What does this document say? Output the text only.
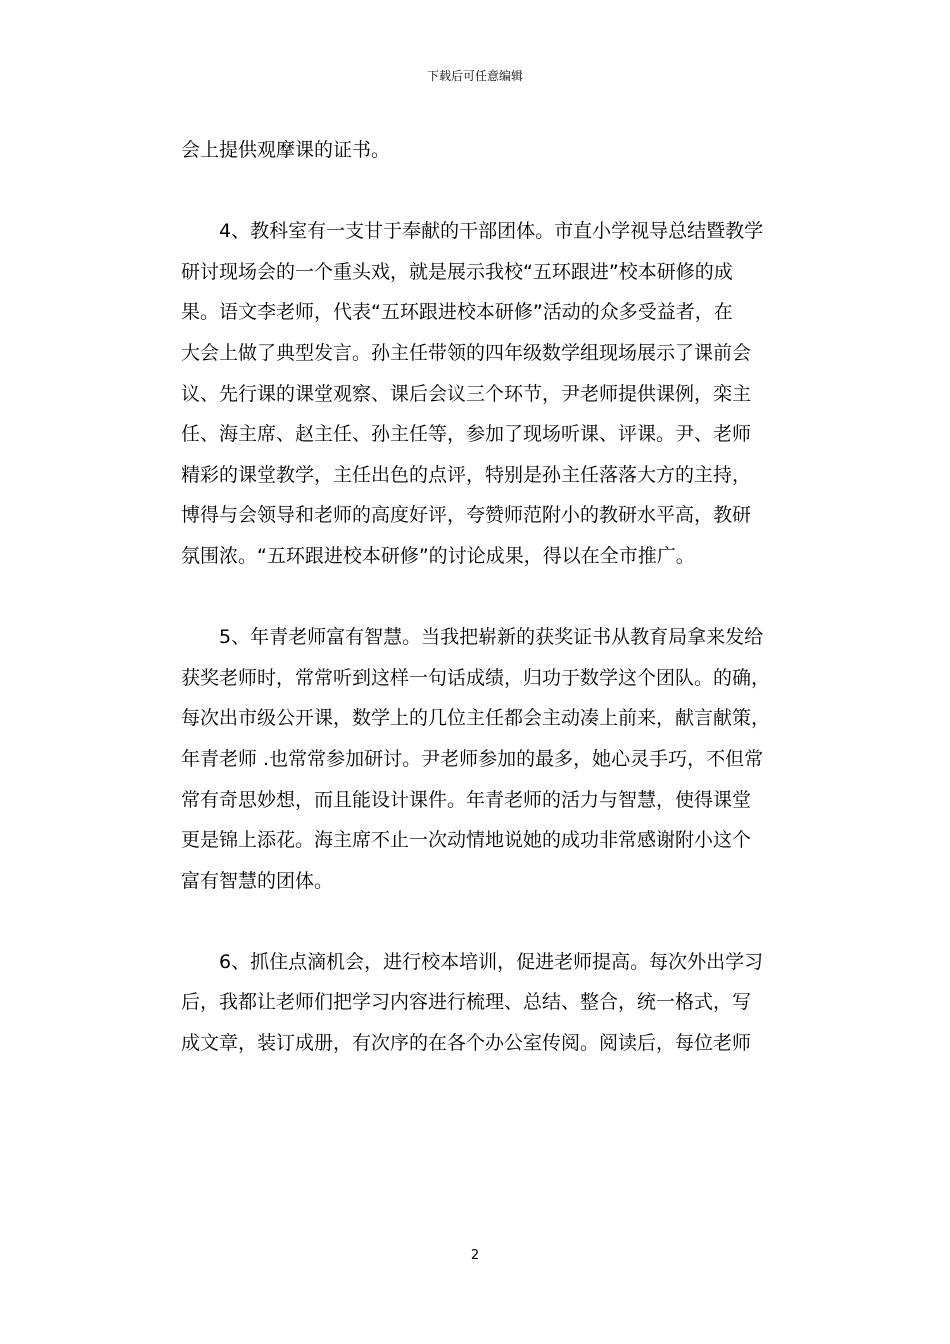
下载后可任意编辑
会上提供观摩课的证书。
4、教科室有一支甘于奉献的干部团体。市直小学视导总结暨教学
研讨现场会的一个重头戏，就是展示我校“五环跟进”校本研修的成
果。语文李老师，代表“五环跟进校本研修”活动的众多受益者，在
大会上做了典型发言。孙主任带领的四年级数学组现场展示了课前会
议、先行课的课堂观察、课后会议三个环节，尹老师提供课例，栾主
任、海主席、赵主任、孙主任等，参加了现场听课、评课。尹、老师
精彩的课堂教学，主任出色的点评，特别是孙主任落落大方的主持，
博得与会领导和老师的高度好评，夸赞师范附小的教研水平高，教研
氛围浓。“五环跟进校本研修”的讨论成果，得以在全市推广。
5、年青老师富有智慧。当我把崭新的获奖证书从教育局拿来发给
获奖老师时，常常听到这样一句话成绩，归功于数学这个团队。的确，
每次出市级公开课，数学上的几位主任都会主动凑上前来，献言献策，
年青老师 .也常常参加研讨。尹老师参加的最多，她心灵手巧，不但常
常有奇思妙想，而且能设计课件。年青老师的活力与智慧，使得课堂
更是锦上添花。海主席不止一次动情地说她的成功非常感谢附小这个
富有智慧的团体。
6、抓住点滴机会，进行校本培训，促进老师提高。每次外出学习
后，我都让老师们把学习内容进行梳理、总结、整合，统一格式，写
成文章，装订成册，有次序的在各个办公室传阅。阅读后，每位老师
2
